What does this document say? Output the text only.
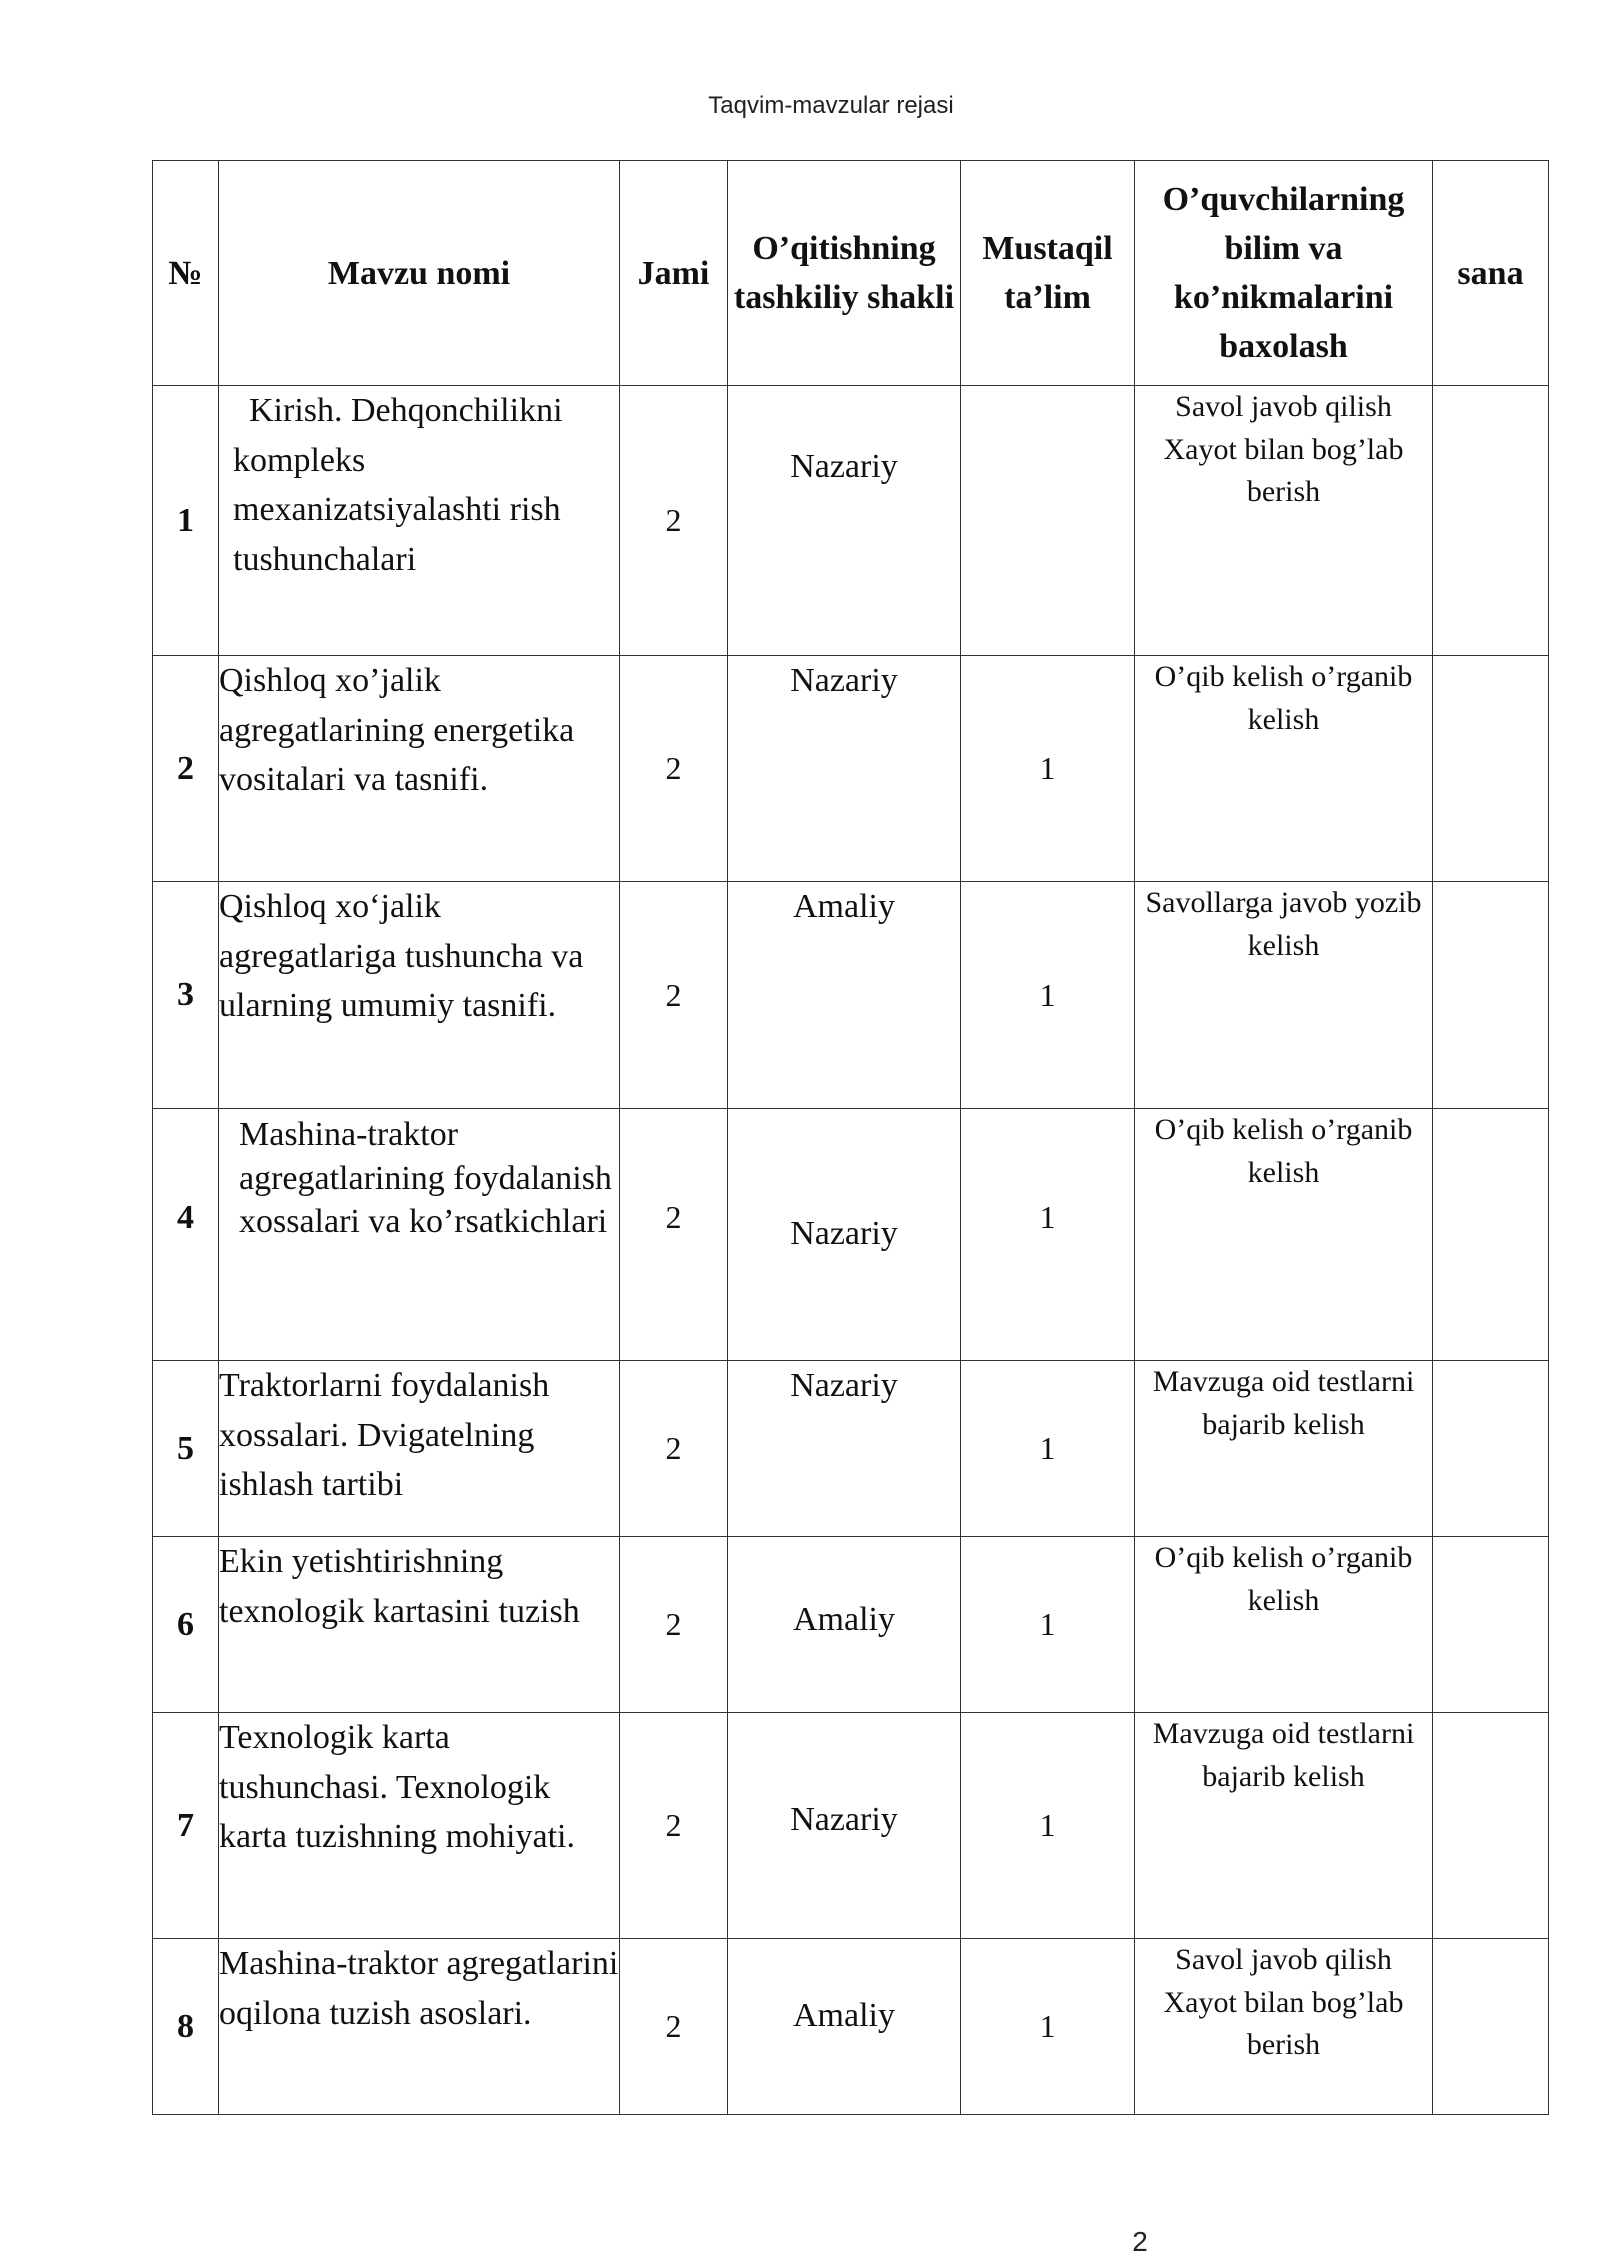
Taqvim-mavzular rejasi
№	Mavzu nomi	Jami	O’qitishning tashkiliy shakli	Mustaqil ta’lim	O’quvchilarning bilim va ko’nikmalarini baxolash	sana
1	Kirish. Dehqonchilikni kompleks mexanizatsiyalashti rish tushunchalari	2	Nazariy		Savol javob qilish Xayot bilan bog’lab berish	
2	Qishloq xo’jalik agregatlarining energetika vositalari va tasnifi.	2	Nazariy	1	O’qib kelish o’rganib kelish	
3	Qishloq xo‘jalik agregatlariga tushuncha va ularning umumiy tasnifi.	2	Amaliy	1	Savollarga javob yozib kelish	
4	Mashina-traktor agregatlarining foydalanish xossalari va ko’rsatkichlari	2	Nazariy	1	O’qib kelish o’rganib kelish	
5	Traktorlarni foydalanish xossalari. Dvigatelning ishlash tartibi	2	Nazariy	1	Mavzuga oid testlarni bajarib kelish	
6	Ekin yetishtirishning texnologik kartasini tuzish	2	Amaliy	1	O’qib kelish o’rganib kelish	
7	Texnologik karta tushunchasi. Texnologik karta tuzishning mohiyati.	2	Nazariy	1	Mavzuga oid testlarni bajarib kelish	
8	Mashina-traktor agregatlarini oqilona tuzish asoslari.	2	Amaliy	1	Savol javob qilish Xayot bilan bog’lab berish	
2
